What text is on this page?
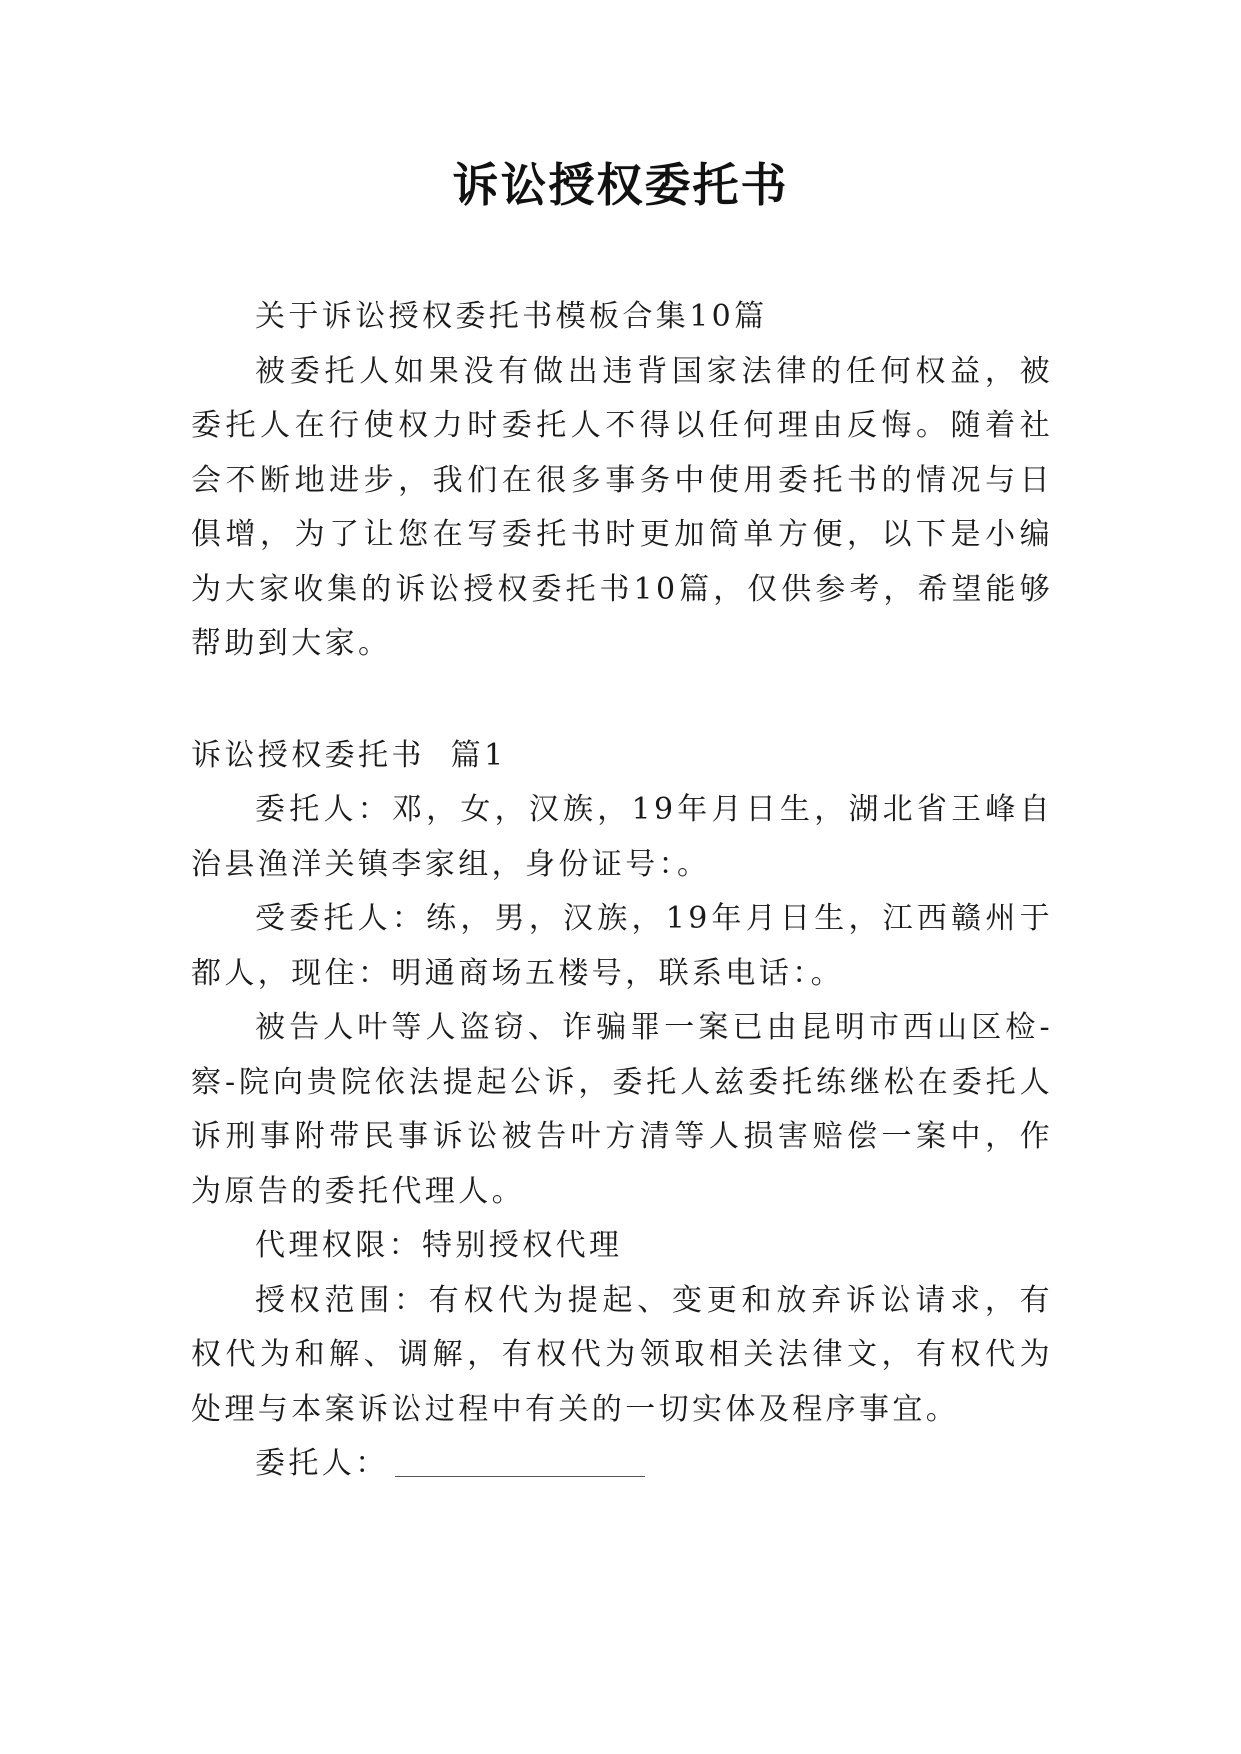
诉讼授权委托书

关于诉讼授权委托书模板合集10篇

被委托人如果没有做出违背国家法律的任何权益，被委托人在行使权力时委托人不得以任何理由反悔。随着社会不断地进步，我们在很多事务中使用委托书的情况与日俱增，为了让您在写委托书时更加简单方便，以下是小编为大家收集的诉讼授权委托书10篇，仅供参考，希望能够帮助到大家。

诉讼授权委托书  篇1

委托人：邓，女，汉族，19年月日生，湖北省王峰自治县渔洋关镇李家组，身份证号：。

受委托人：练，男，汉族，19年月日生，江西赣州于都人，现住：明通商场五楼号，联系电话：。

被告人叶等人盗窃、诈骗罪一案已由昆明市西山区检-察-院向贵院依法提起公诉，委托人兹委托练继松在委托人诉刑事附带民事诉讼被告叶方清等人损害赔偿一案中，作为原告的委托代理人。

代理权限：特别授权代理

授权范围：有权代为提起、变更和放弃诉讼请求，有权代为和解、调解，有权代为领取相关法律文，有权代为处理与本案诉讼过程中有关的一切实体及程序事宜。

委托人：
